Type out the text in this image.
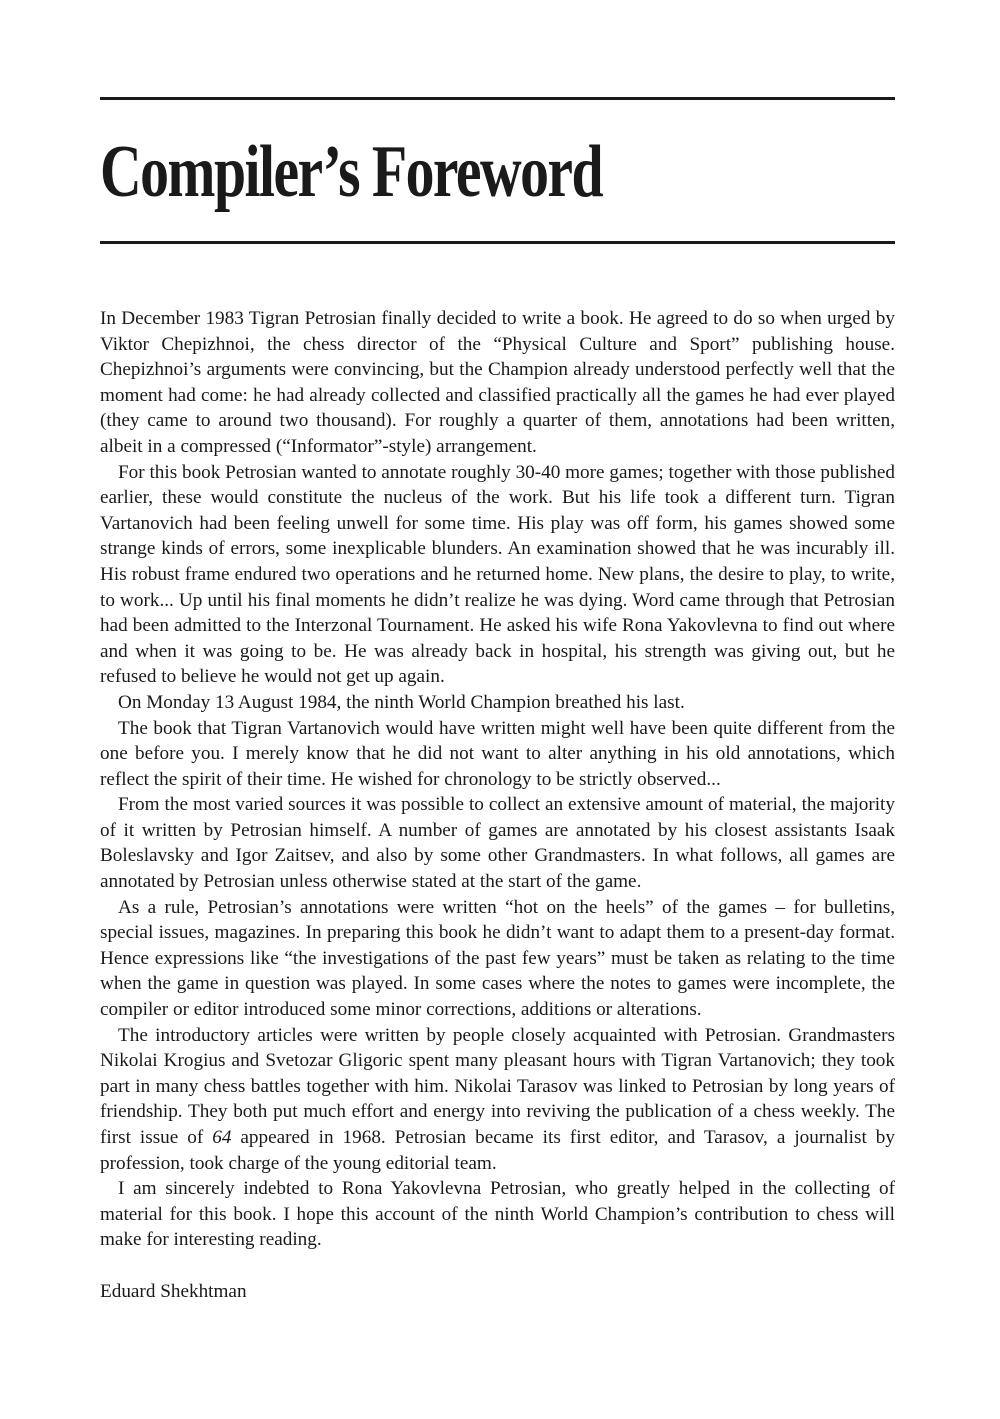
Compiler’s Foreword

In December 1983 Tigran Petrosian finally decided to write a book. He agreed to do so when urged by Viktor Chepizhnoi, the chess director of the “Physical Culture and Sport” publishing house. Chepizhnoi’s arguments were convincing, but the Champion already understood perfectly well that the moment had come: he had already collected and classified practically all the games he had ever played (they came to around two thousand). For roughly a quarter of them, annotations had been written, albeit in a compressed (“Informator”-style) arrangement.

For this book Petrosian wanted to annotate roughly 30-40 more games; together with those published earlier, these would constitute the nucleus of the work. But his life took a different turn. Tigran Vartanovich had been feeling unwell for some time. His play was off form, his games showed some strange kinds of errors, some inexplicable blunders. An examination showed that he was incurably ill. His robust frame endured two operations and he returned home. New plans, the desire to play, to write, to work... Up until his final moments he didn’t realize he was dying. Word came through that Petrosian had been admitted to the Interzonal Tournament. He asked his wife Rona Yakovlevna to find out where and when it was going to be. He was already back in hospital, his strength was giving out, but he refused to believe he would not get up again.

On Monday 13 August 1984, the ninth World Champion breathed his last.

The book that Tigran Vartanovich would have written might well have been quite different from the one before you. I merely know that he did not want to alter anything in his old annotations, which reflect the spirit of their time. He wished for chronology to be strictly observed...

From the most varied sources it was possible to collect an extensive amount of material, the majority of it written by Petrosian himself. A number of games are annotated by his closest assistants Isaak Boleslavsky and Igor Zaitsev, and also by some other Grandmasters. In what follows, all games are annotated by Petrosian unless otherwise stated at the start of the game.

As a rule, Petrosian’s annotations were written “hot on the heels” of the games – for bulletins, special issues, magazines. In preparing this book he didn’t want to adapt them to a present-day format. Hence expressions like “the investigations of the past few years” must be taken as relating to the time when the game in question was played. In some cases where the notes to games were incomplete, the compiler or editor introduced some minor corrections, additions or alterations.

The introductory articles were written by people closely acquainted with Petrosian. Grandmasters Nikolai Krogius and Svetozar Gligoric spent many pleasant hours with Tigran Vartanovich; they took part in many chess battles together with him. Nikolai Tarasov was linked to Petrosian by long years of friendship. They both put much effort and energy into reviving the publication of a chess weekly. The first issue of 64 appeared in 1968. Petrosian became its first editor, and Tarasov, a journalist by profession, took charge of the young editorial team.

I am sincerely indebted to Rona Yakovlevna Petrosian, who greatly helped in the collecting of material for this book. I hope this account of the ninth World Champion’s contribution to chess will make for interesting reading.

Eduard Shekhtman
